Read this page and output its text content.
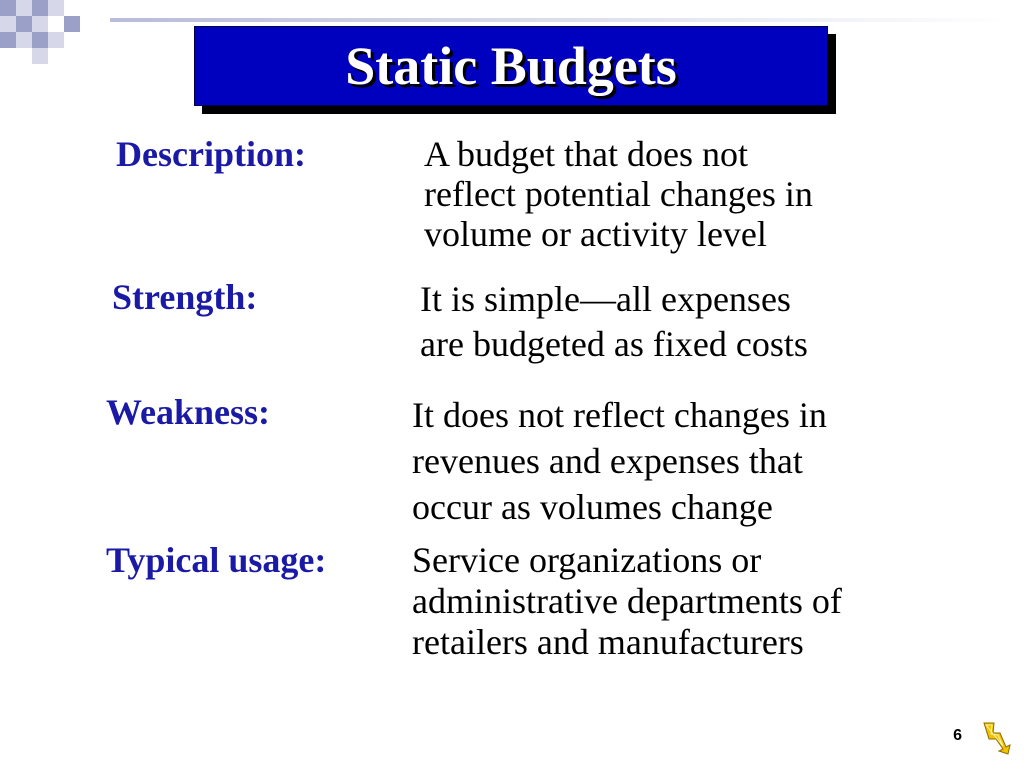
Static Budgets
Description:	A budget that does not
reflect potential changes in
volume or activity level
Strength:	It is simple—all expenses
are budgeted as fixed costs
Weakness:	It does not reflect changes in
revenues and expenses that
occur as volumes change
Typical usage: Service organizations or
administrative departments of
retailers and manufacturers
6
